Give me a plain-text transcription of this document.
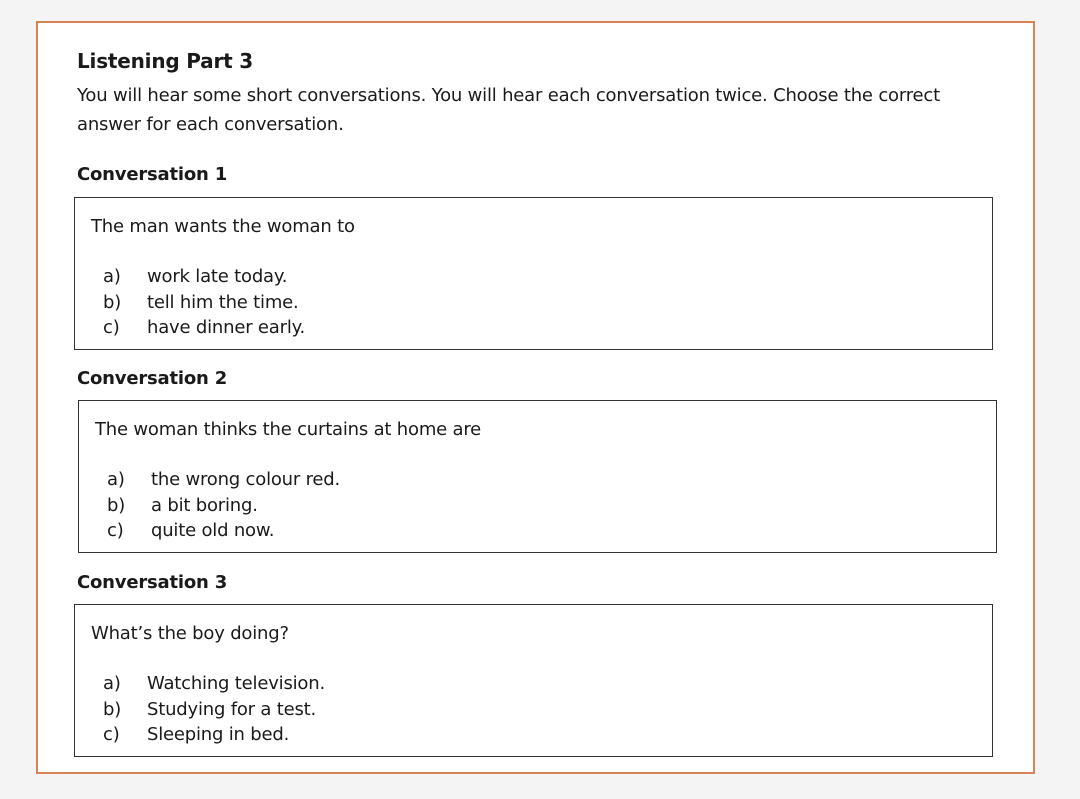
Listening Part 3
You will hear some short conversations. You will hear each conversation twice. Choose the correct answer for each conversation.
Conversation 1
The man wants the woman to
a)	work late today.
b)	tell him the time.
c)	have dinner early.
Conversation 2
The woman thinks the curtains at home are
a)	the wrong colour red.
b)	a bit boring.
c)	quite old now.
Conversation 3
What’s the boy doing?
a)	Watching television.
b)	Studying for a test.
c)	Sleeping in bed.
